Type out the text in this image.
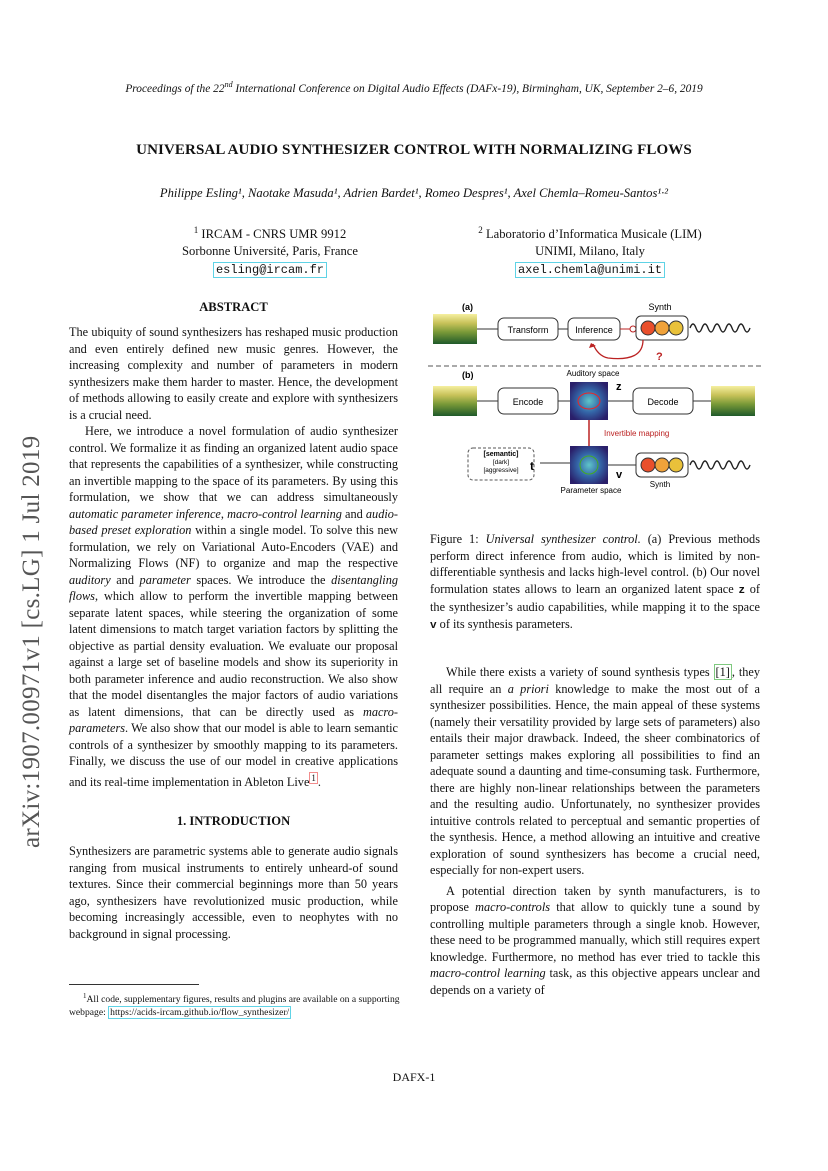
Proceedings of the 22nd International Conference on Digital Audio Effects (DAFx-19), Birmingham, UK, September 2–6, 2019
UNIVERSAL AUDIO SYNTHESIZER CONTROL WITH NORMALIZING FLOWS
Philippe Esling¹, Naotake Masuda¹, Adrien Bardet¹, Romeo Despres¹, Axel Chemla–Romeu-Santos¹·²
$^1$ IRCAM - CNRS UMR 9912
Sorbonne Université, Paris, France
esling@ircam.fr
$^2$ Laboratorio d’Informatica Musicale (LIM)
UNIMI, Milano, Italy
axel.chemla@unimi.it
arXiv:1907.00971v1 [cs.LG] 1 Jul 2019
ABSTRACT

The ubiquity of sound synthesizers has reshaped music production and even entirely defined new music genres. However, the increasing complexity and number of parameters in modern synthesizers make them harder to master. Hence, the development of methods allowing to easily create and explore with synthesizers is a crucial need.

Here, we introduce a novel formulation of audio synthesizer control. We formalize it as finding an organized latent audio space that represents the capabilities of a synthesizer, while constructing an invertible mapping to the space of its parameters. By using this formulation, we show that we can address simultaneously automatic parameter inference, macro-control learning and audio-based preset exploration within a single model. To solve this new formulation, we rely on Variational Auto-Encoders (VAE) and Normalizing Flows (NF) to organize and map the respective auditory and parameter spaces. We introduce the disentangling flows, which allow to perform the invertible mapping between separate latent spaces, while steering the organization of some latent dimensions to match target variation factors by splitting the objective as partial density evaluation. We evaluate our proposal against a large set of baseline models and show its superiority in both parameter inference and audio reconstruction. We also show that the model disentangles the major factors of audio variations as latent dimensions, that can be directly used as macro-parameters. We also show that our model is able to learn semantic controls of a synthesizer by smoothly mapping to its parameters. Finally, we discuss the use of our model in creative applications and its real-time implementation in Ableton Live $^1$ .

1. INTRODUCTION

Synthesizers are parametric systems able to generate audio signals ranging from musical instruments to entirely unheard-of sound textures. Since their commercial beginnings more than 50 years ago, synthesizers have revolutionized music production, while becoming increasingly accessible, even to neophytes with no background in signal processing.

$^1$All code, supplementary figures, results and plugins are available on a supporting webpage: https://acids-ircam.github.io/flow_synthesizer/
(a)
Transform	Inference
Synth
?
(b)	Auditory space
Encode
z
Decode
Invertible mapping
[semantic]
[dark]
[aggressive] t
v
Parameter space
Synth
Figure 1: Universal synthesizer control. (a) Previous methods perform direct inference from audio, which is limited by non-differentiable synthesis and lacks high-level control. (b) Our novel formulation states allows to learn an organized latent space z of the synthesizer’s audio capabilities, while mapping it to the space v of its synthesis parameters.

While there exists a variety of sound synthesis types [1] , they all require an a priori knowledge to make the most out of a synthesizer possibilities. Hence, the main appeal of these systems (namely their versatility provided by large sets of parameters) also entails their major drawback. Indeed, the sheer combinatorics of parameter settings makes exploring all possibilities to find an adequate sound a daunting and time-consuming task. Furthermore, there are highly non-linear relationships between the parameters and the resulting audio. Unfortunately, no synthesizer provides intuitive controls related to perceptual and semantic properties of the synthesis. Hence, a method allowing an intuitive and creative exploration of sound synthesizers has become a crucial need, especially for non-expert users.

A potential direction taken by synth manufacturers, is to propose macro-controls that allow to quickly tune a sound by controlling multiple parameters through a single knob. However, these need to be programmed manually, which still requires expert knowledge. Furthermore, no method has ever tried to tackle this macro-control learning task, as this objective appears unclear and depends on a variety of

DAFX-1
